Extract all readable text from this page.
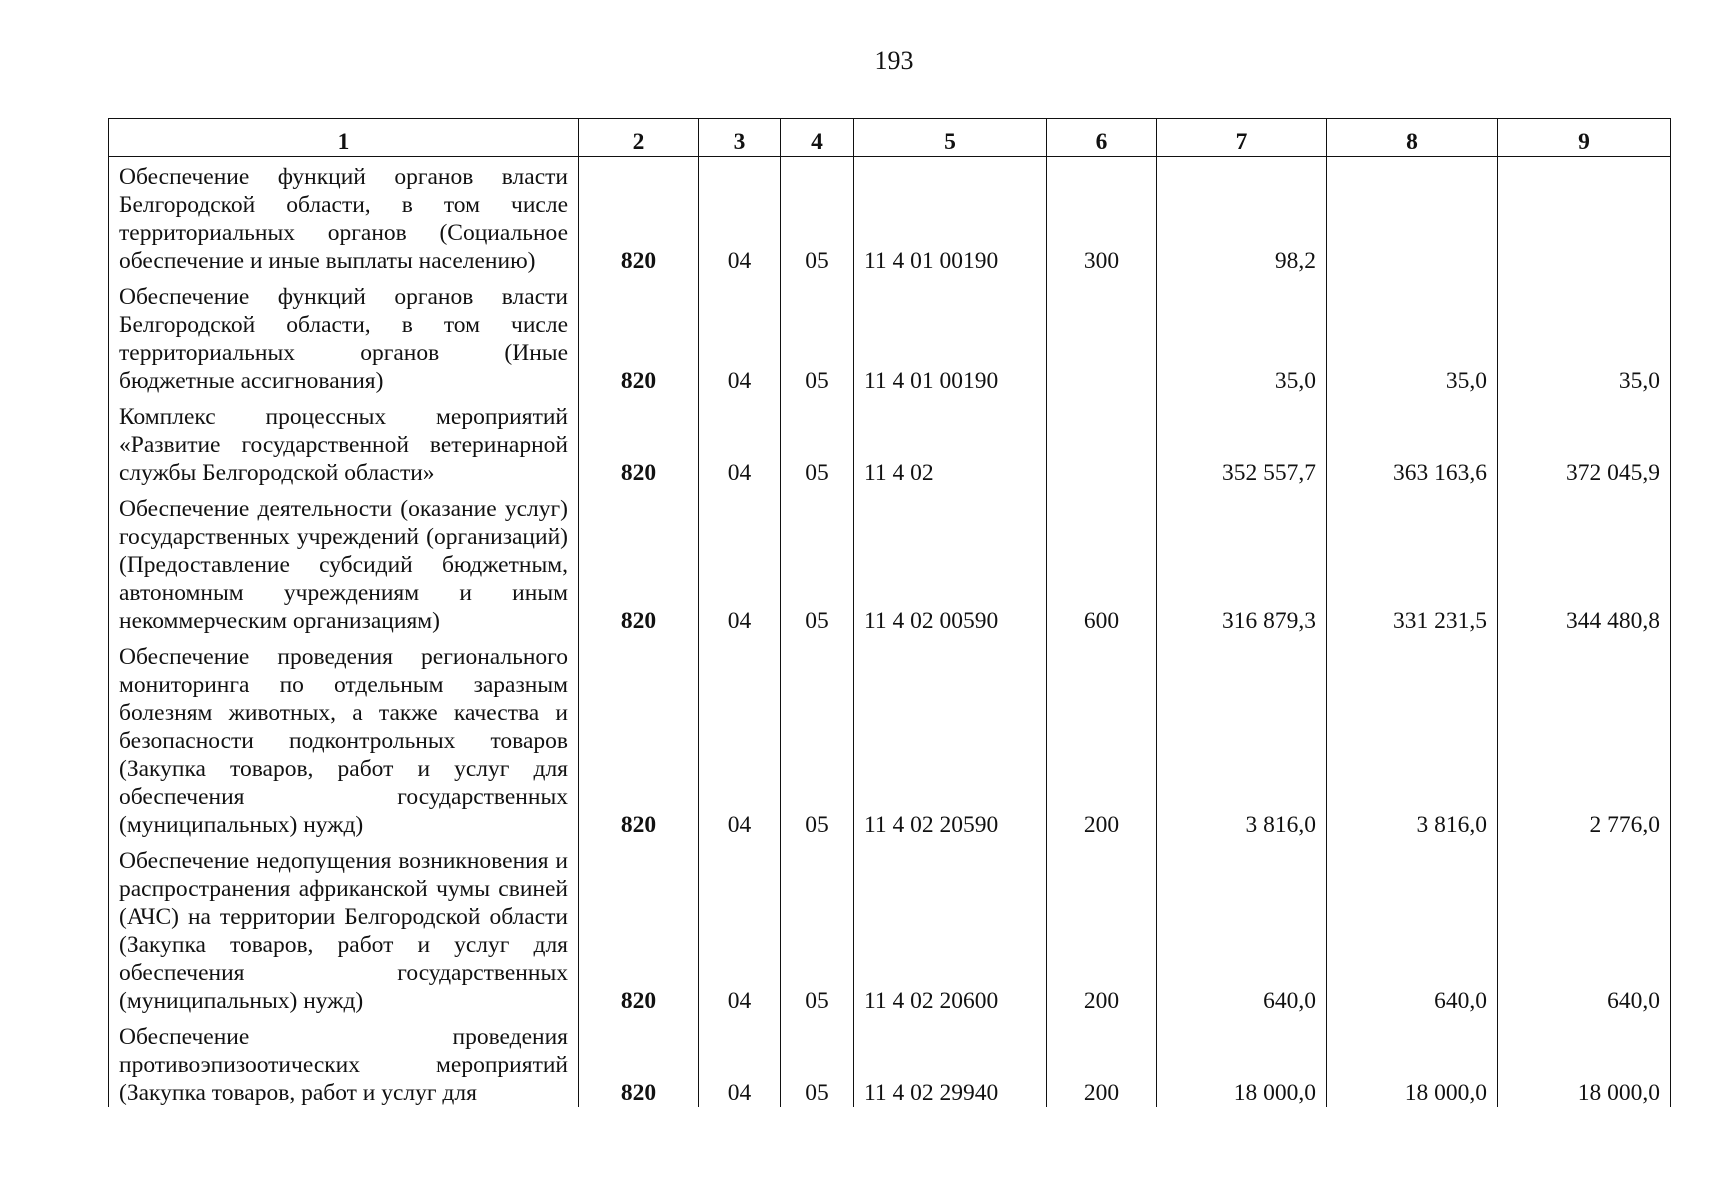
193
1	2	3	4	5	6	7	8	9
Обеспечение функций органов власти Белгородской области, в том числе территориальных органов (Социальное обеспечение и иные выплаты населению)	820	04	05	11 4 01 00190	300	98,2		
Обеспечение функций органов власти Белгородской области, в том числе территориальных органов (Иные бюджетные ассигнования)	820	04	05	11 4 01 00190		35,0	35,0	35,0
Комплекс процессных мероприятий «Развитие государственной ветеринарной службы Белгородской области»	820	04	05	11 4 02		352 557,7	363 163,6	372 045,9
Обеспечение деятельности (оказание услуг) государственных учреждений (организаций) (Предоставление субсидий бюджетным, автономным учреждениям и иным некоммерческим организациям)	820	04	05	11 4 02 00590	600	316 879,3	331 231,5	344 480,8
Обеспечение проведения регионального мониторинга по отдельным заразным болезням животных, а также качества и безопасности подконтрольных товаров (Закупка товаров, работ и услуг для обеспечения государственных (муниципальных) нужд)	820	04	05	11 4 02 20590	200	3 816,0	3 816,0	2 776,0
Обеспечение недопущения возникновения и распространения африканской чумы свиней (АЧС) на территории Белгородской области (Закупка товаров, работ и услуг для обеспечения государственных (муниципальных) нужд)	820	04	05	11 4 02 20600	200	640,0	640,0	640,0
Обеспечение проведения противоэпизоотических мероприятий (Закупка товаров, работ и услуг для	820	04	05	11 4 02 29940	200	18 000,0	18 000,0	18 000,0
